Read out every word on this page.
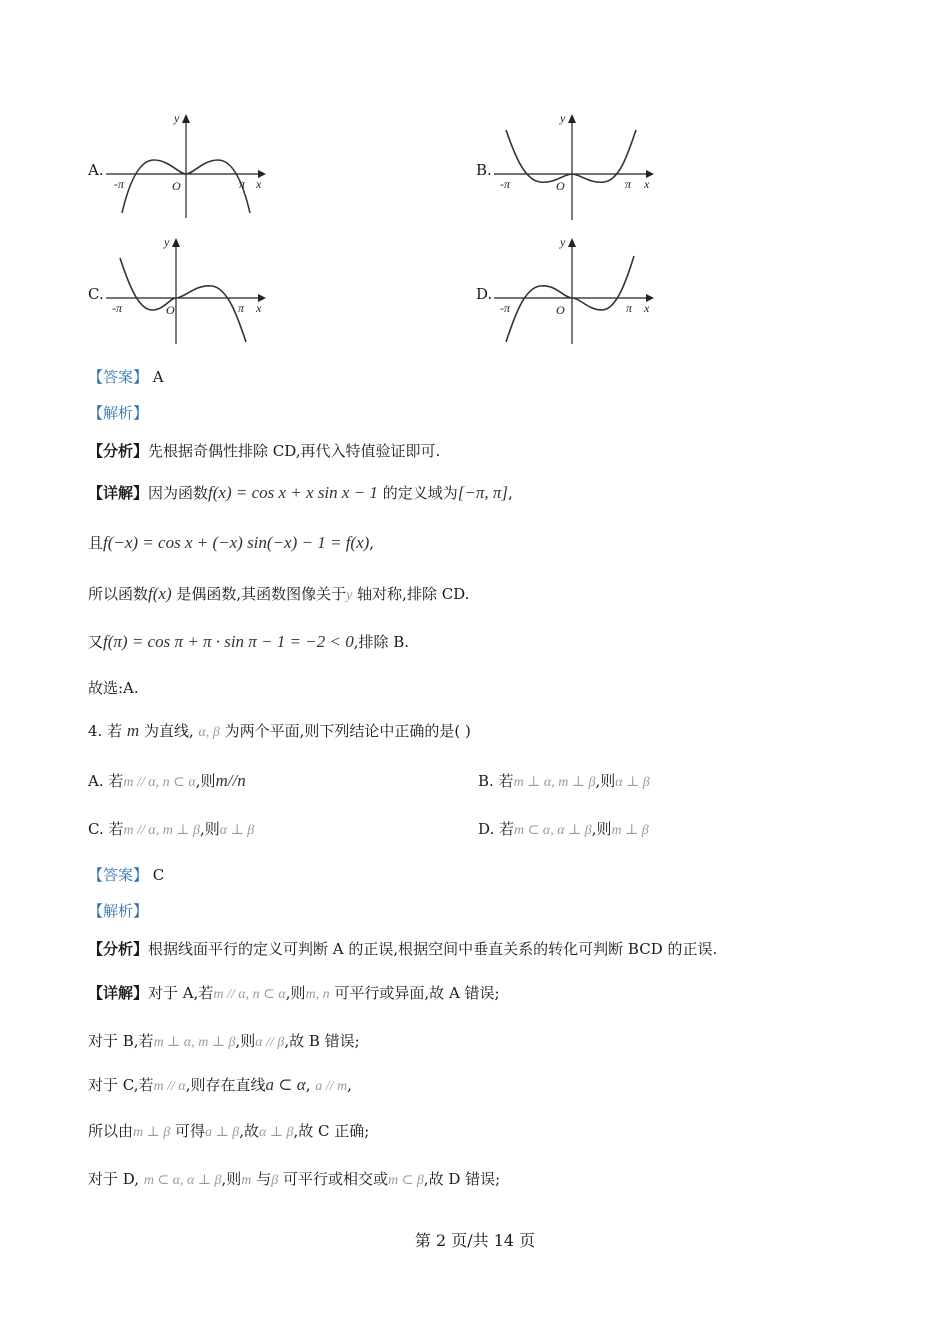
A.
y
x
O
-π	π
B.
y
x
O
-π	π
C.
y
x
O
-π	π
D.
y
x
O
-π	π
【答案】 A
【解析】
【分析】先根据奇偶性排除 CD,再代入特值验证即可.
【详解】因为函数f(x) = cos x + x sin x − 1 的定义域为[−π, π],
且f(−x) = cos x + (−x) sin(−x) − 1 = f(x),
所以函数f(x) 是偶函数,其函数图像关于y 轴对称,排除 CD.
又f(π) = cos π + π · sin π − 1 = −2 < 0,排除 B.
故选:A.
4. 若 m 为直线, α, β 为两个平面,则下列结论中正确的是( )
A. 若m // α, n ⊂ α,则m//n	B. 若m ⊥ α, m ⊥ β,则α ⊥ β
C. 若m // α, m ⊥ β,则α ⊥ β	D. 若m ⊂ α, α ⊥ β,则m ⊥ β
【答案】 C
【解析】
【分析】根据线面平行的定义可判断 A 的正误,根据空间中垂直关系的转化可判断 BCD 的正误.
【详解】对于 A,若m // α, n ⊂ α,则m, n 可平行或异面,故 A 错误;
对于 B,若m ⊥ α, m ⊥ β,则α // β,故 B 错误;
对于 C,若m // α,则存在直线a ⊂ α, a // m,
所以由m ⊥ β 可得a ⊥ β,故α ⊥ β,故 C 正确;
对于 D, m ⊂ α, α ⊥ β,则m 与β 可平行或相交或m ⊂ β,故 D 错误;
第 2 页/共 14 页
